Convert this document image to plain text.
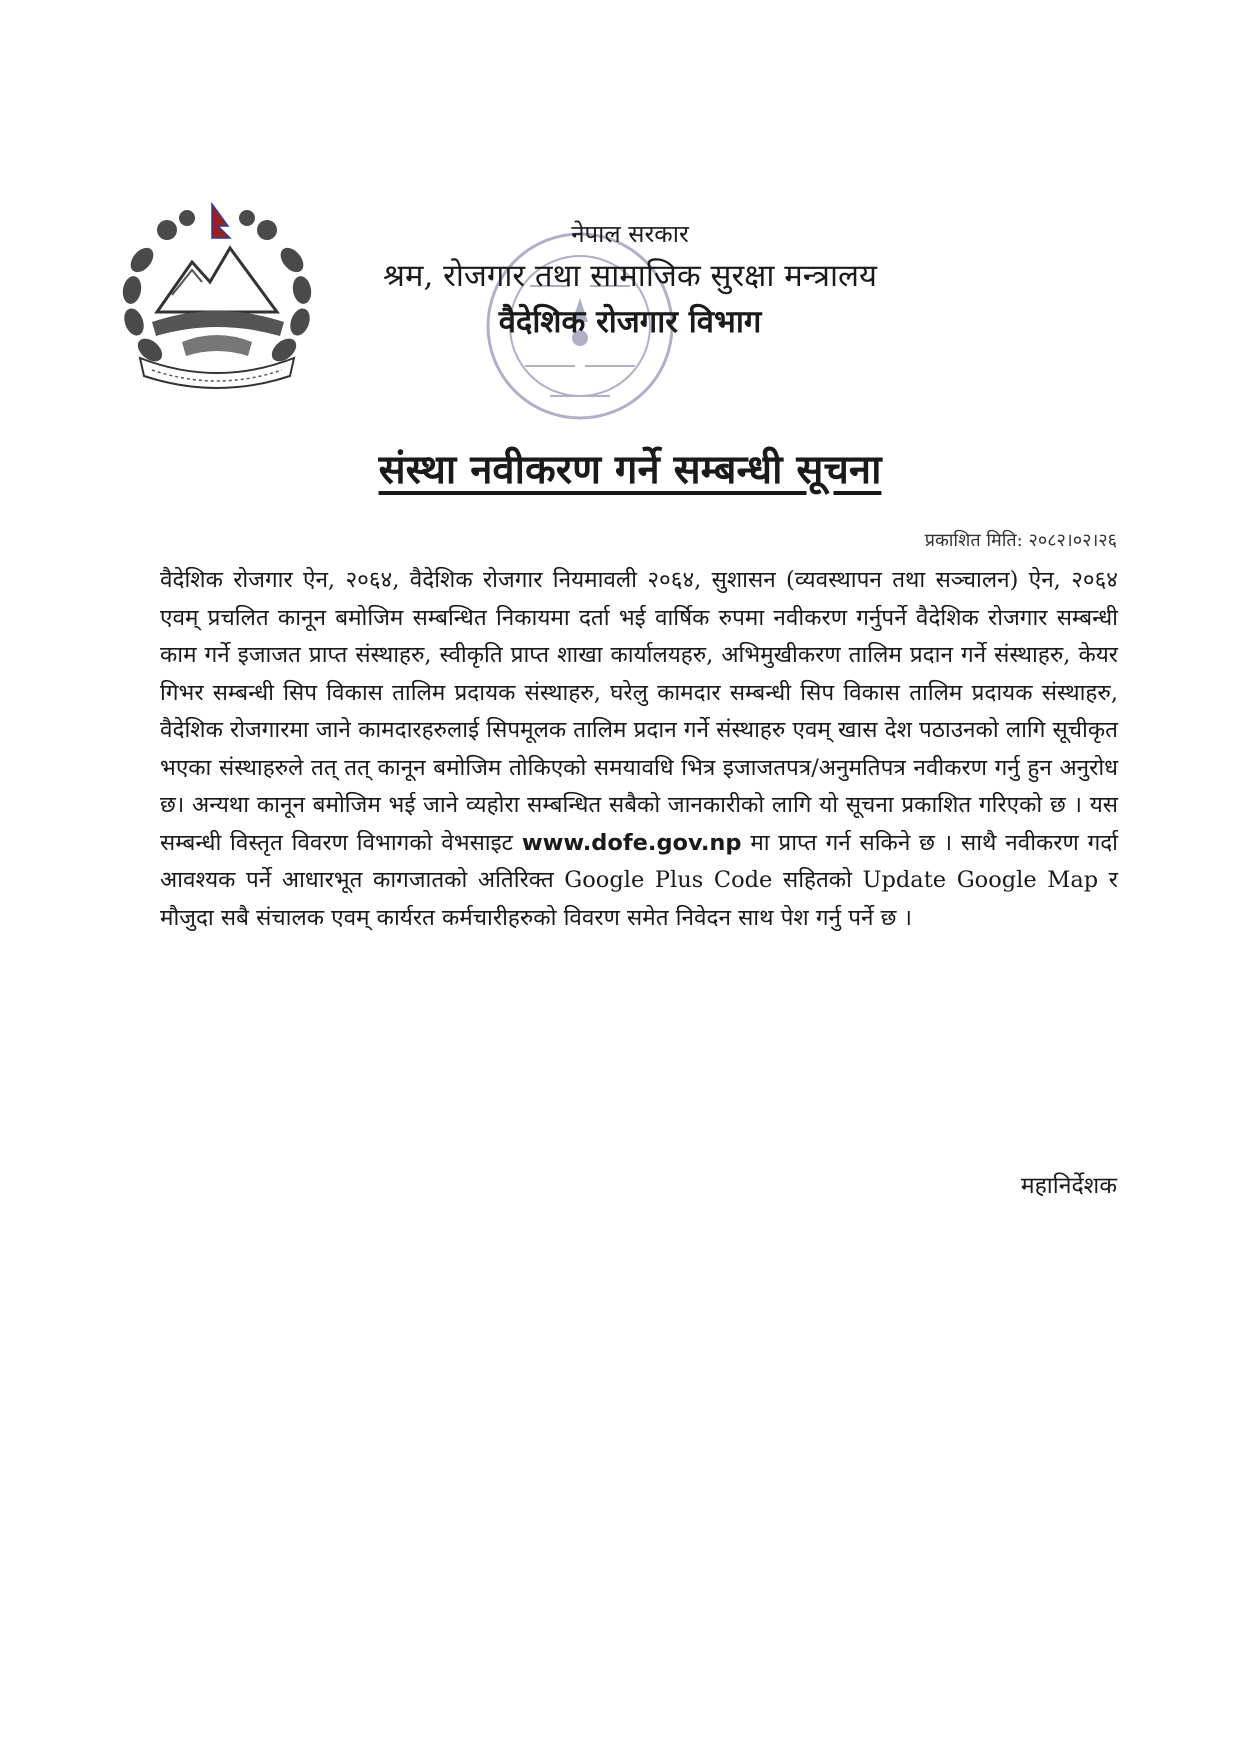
नेपाल सरकार

श्रम, रोजगार तथा सामाजिक सुरक्षा मन्त्रालय

वैदेशिक रोजगार विभाग

संस्था नवीकरण गर्ने सम्बन्धी सूचना
प्रकाशित मिति: २०८२।०२।२६

वैदेशिक रोजगार ऐन, २०६४, वैदेशिक रोजगार नियमावली २०६४, सुशासन (व्यवस्थापन तथा सञ्चालन) ऐन, २०६४ एवम् प्रचलित कानून बमोजिम सम्बन्धित निकायमा दर्ता भई वार्षिक रुपमा नवीकरण गर्नुपर्ने वैदेशिक रोजगार सम्बन्धी काम गर्ने इजाजत प्राप्त संस्थाहरु, स्वीकृति प्राप्त शाखा कार्यालयहरु, अभिमुखीकरण तालिम प्रदान गर्ने संस्थाहरु, केयर गिभर सम्बन्धी सिप विकास तालिम प्रदायक संस्थाहरु, घरेलु कामदार सम्बन्धी सिप विकास तालिम प्रदायक संस्थाहरु, वैदेशिक रोजगारमा जाने कामदारहरुलाई सिपमूलक तालिम प्रदान गर्ने संस्थाहरु एवम् खास देश पठाउनको लागि सूचीकृत भएका संस्थाहरुले तत् तत् कानून बमोजिम तोकिएको समयावधि भित्र इजाजतपत्र/अनुमतिपत्र नवीकरण गर्नु हुन अनुरोध छ। अन्यथा कानून बमोजिम भई जाने व्यहोरा सम्बन्धित सबैको जानकारीको लागि यो सूचना प्रकाशित गरिएको छ । यस सम्बन्धी विस्तृत विवरण विभागको वेभसाइट www.dofe.gov.np मा प्राप्त गर्न सकिने छ । साथै नवीकरण गर्दा आवश्यक पर्ने आधारभूत कागजातको अतिरिक्त Google Plus Code सहितको Update Google Map र मौजुदा सबै संचालक एवम् कार्यरत कर्मचारीहरुको विवरण समेत निवेदन साथ पेश गर्नु पर्ने छ ।

महानिर्देशक
